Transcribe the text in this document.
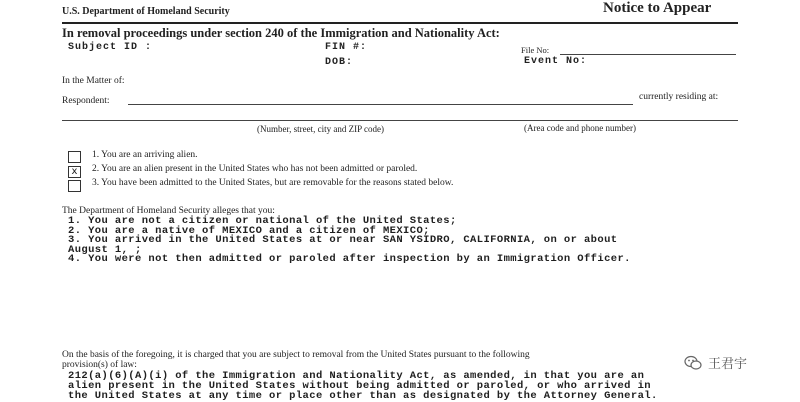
U.S. Department of Homeland Security	Notice to Appear
In removal proceedings under section 240 of the Immigration and Nationality Act:
Subject ID :	FIN #:	File No:
DOB:	Event No:
In the Matter of:
Respondent:	currently residing at:
(Number, street, city and ZIP code)	(Area code and phone number)
1. You are an arriving alien.
x	2. You are an alien present in the United States who has not been admitted or paroled.
3. You have been admitted to the United States, but are removable for the reasons stated below.
The Department of Homeland Security alleges that you:
1. You are not a citizen or national of the United States;
2. You are a native of MEXICO and a citizen of MEXICO;
3. You arrived in the United States at or near SAN YSIDRO, CALIFORNIA, on or about
August 1, ;
4. You were not then admitted or paroled after inspection by an Immigration Officer.
On the basis of the foregoing, it is charged that you are subject to removal from the United States pursuant to the following
provision(s) of law:
212(a)(6)(A)(i) of the Immigration and Nationality Act, as amended, in that you are an
alien present in the United States without being admitted or paroled, or who arrived in
the United States at any time or place other than as designated by the Attorney General.
王君宇
